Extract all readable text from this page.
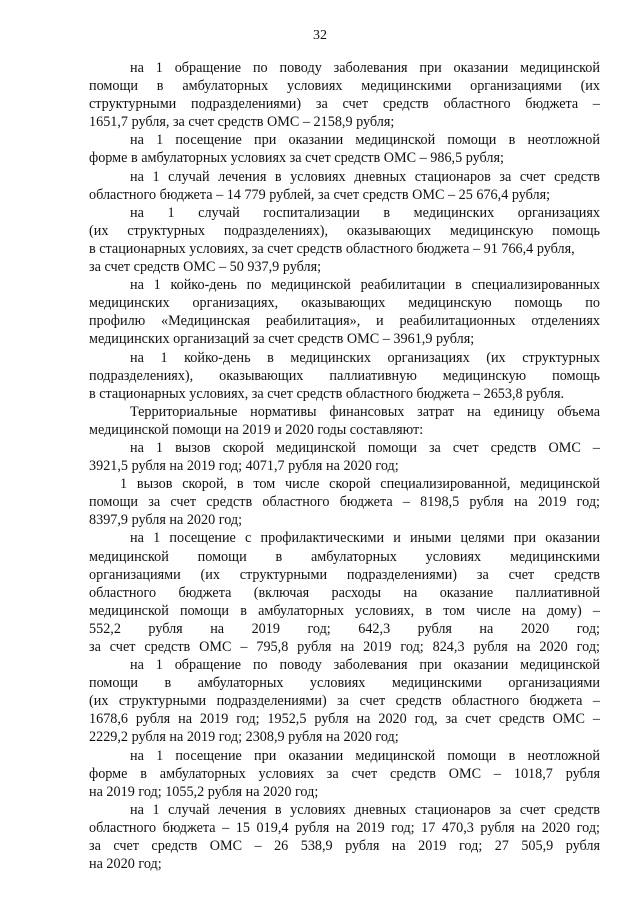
32
на 1 обращение по поводу заболевания при оказании медицинской
помощи в амбулаторных условиях медицинскими организациями (их
структурными подразделениями) за счет средств областного бюджета –
1651,7 рубля, за счет средств ОМС – 2158,9 рубля;
на 1 посещение при оказании медицинской помощи в неотложной
форме в амбулаторных условиях за счет средств ОМС – 986,5 рубля;
на 1 случай лечения в условиях дневных стационаров за счет средств
областного бюджета – 14 779 рублей, за счет средств ОМС – 25 676,4 рубля;
на 1 случай госпитализации в медицинских организациях
(их структурных подразделениях), оказывающих медицинскую помощь
в стационарных условиях, за счет средств областного бюджета – 91 766,4 рубля,
за счет средств ОМС – 50 937,9 рубля;
на 1 койко-день по медицинской реабилитации в специализированных
медицинских организациях, оказывающих медицинскую помощь по
профилю «Медицинская реабилитация», и реабилитационных отделениях
медицинских организаций за счет средств ОМС – 3961,9 рубля;
на 1 койко-день в медицинских организациях (их структурных
подразделениях), оказывающих паллиативную медицинскую помощь
в стационарных условиях, за счет средств областного бюджета – 2653,8 рубля.
Территориальные нормативы финансовых затрат на единицу объема
медицинской помощи на 2019 и 2020 годы составляют:
на 1 вызов скорой медицинской помощи за счет средств ОМС –
3921,5 рубля на 2019 год; 4071,7 рубля на 2020 год;
1 вызов скорой, в том числе скорой специализированной, медицинской
помощи за счет средств областного бюджета – 8198,5 рубля на 2019 год;
8397,9 рубля на 2020 год;
на 1 посещение с профилактическими и иными целями при оказании
медицинской помощи в амбулаторных условиях медицинскими
организациями (их структурными подразделениями) за счет средств
областного бюджета (включая расходы на оказание паллиативной
медицинской помощи в амбулаторных условиях, в том числе на дому) –
552,2 рубля на 2019 год; 642,3 рубля на 2020 год;
за счет средств ОМС – 795,8 рубля на 2019 год; 824,3 рубля на 2020 год;
на 1 обращение по поводу заболевания при оказании медицинской
помощи в амбулаторных условиях медицинскими организациями
(их структурными подразделениями) за счет средств областного бюджета –
1678,6 рубля на 2019 год; 1952,5 рубля на 2020 год, за счет средств ОМС –
2229,2 рубля на 2019 год; 2308,9 рубля на 2020 год;
на 1 посещение при оказании медицинской помощи в неотложной
форме в амбулаторных условиях за счет средств ОМС – 1018,7 рубля
на 2019 год; 1055,2 рубля на 2020 год;
на 1 случай лечения в условиях дневных стационаров за счет средств
областного бюджета – 15 019,4 рубля на 2019 год; 17 470,3 рубля на 2020 год;
за счет средств ОМС – 26 538,9 рубля на 2019 год; 27 505,9 рубля
на 2020 год;
